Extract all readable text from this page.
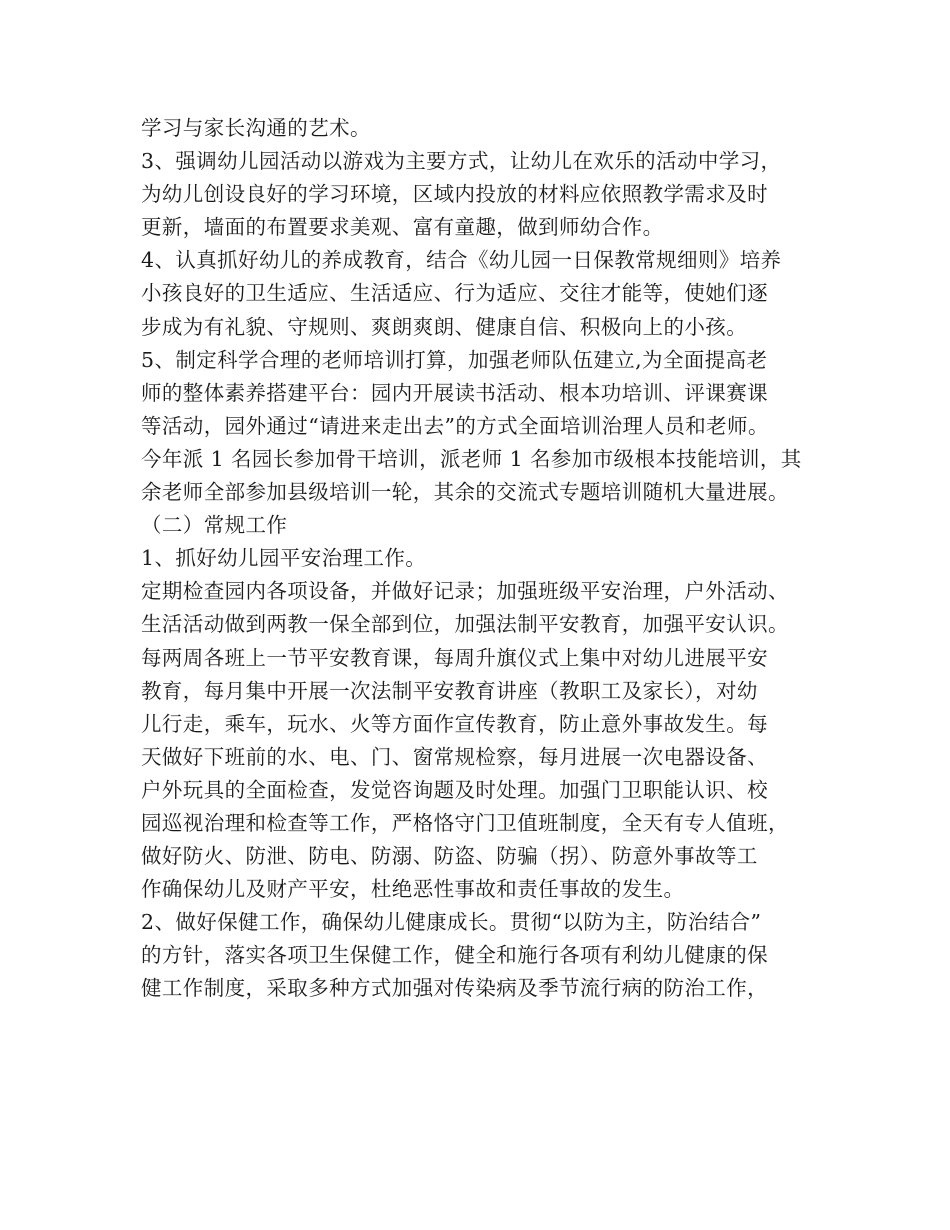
学习与家长沟通的艺术。
3、强调幼儿园活动以游戏为主要方式，让幼儿在欢乐的活动中学习，
为幼儿创设良好的学习环境，区域内投放的材料应依照教学需求及时
更新，墙面的布置要求美观、富有童趣，做到师幼合作。
4、认真抓好幼儿的养成教育，结合《幼儿园一日保教常规细则》培养
小孩良好的卫生适应、生活适应、行为适应、交往才能等，使她们逐
步成为有礼貌、守规则、爽朗爽朗、健康自信、积极向上的小孩。
5、制定科学合理的老师培训打算，加强老师队伍建立,为全面提高老
师的整体素养搭建平台：园内开展读书活动、根本功培训、评课赛课
等活动，园外通过“请进来走出去”的方式全面培训治理人员和老师。
今年派 1 名园长参加骨干培训，派老师 1 名参加市级根本技能培训，其
余老师全部参加县级培训一轮，其余的交流式专题培训随机大量进展。
（二）常规工作
1、抓好幼儿园平安治理工作。
定期检查园内各项设备，并做好记录；加强班级平安治理，户外活动、
生活活动做到两教一保全部到位，加强法制平安教育，加强平安认识。
每两周各班上一节平安教育课，每周升旗仪式上集中对幼儿进展平安
教育，每月集中开展一次法制平安教育讲座（教职工及家长），对幼
儿行走，乘车，玩水、火等方面作宣传教育，防止意外事故发生。每
天做好下班前的水、电、门、窗常规检察，每月进展一次电器设备、
户外玩具的全面检查，发觉咨询题及时处理。加强门卫职能认识、校
园巡视治理和检查等工作，严格恪守门卫值班制度，全天有专人值班，
做好防火、防泄、防电、防溺、防盗、防骗（拐）、防意外事故等工
作确保幼儿及财产平安，杜绝恶性事故和责任事故的发生。
2、做好保健工作，确保幼儿健康成长。贯彻“以防为主，防治结合”
的方针，落实各项卫生保健工作，健全和施行各项有利幼儿健康的保
健工作制度，采取多种方式加强对传染病及季节流行病的防治工作，
